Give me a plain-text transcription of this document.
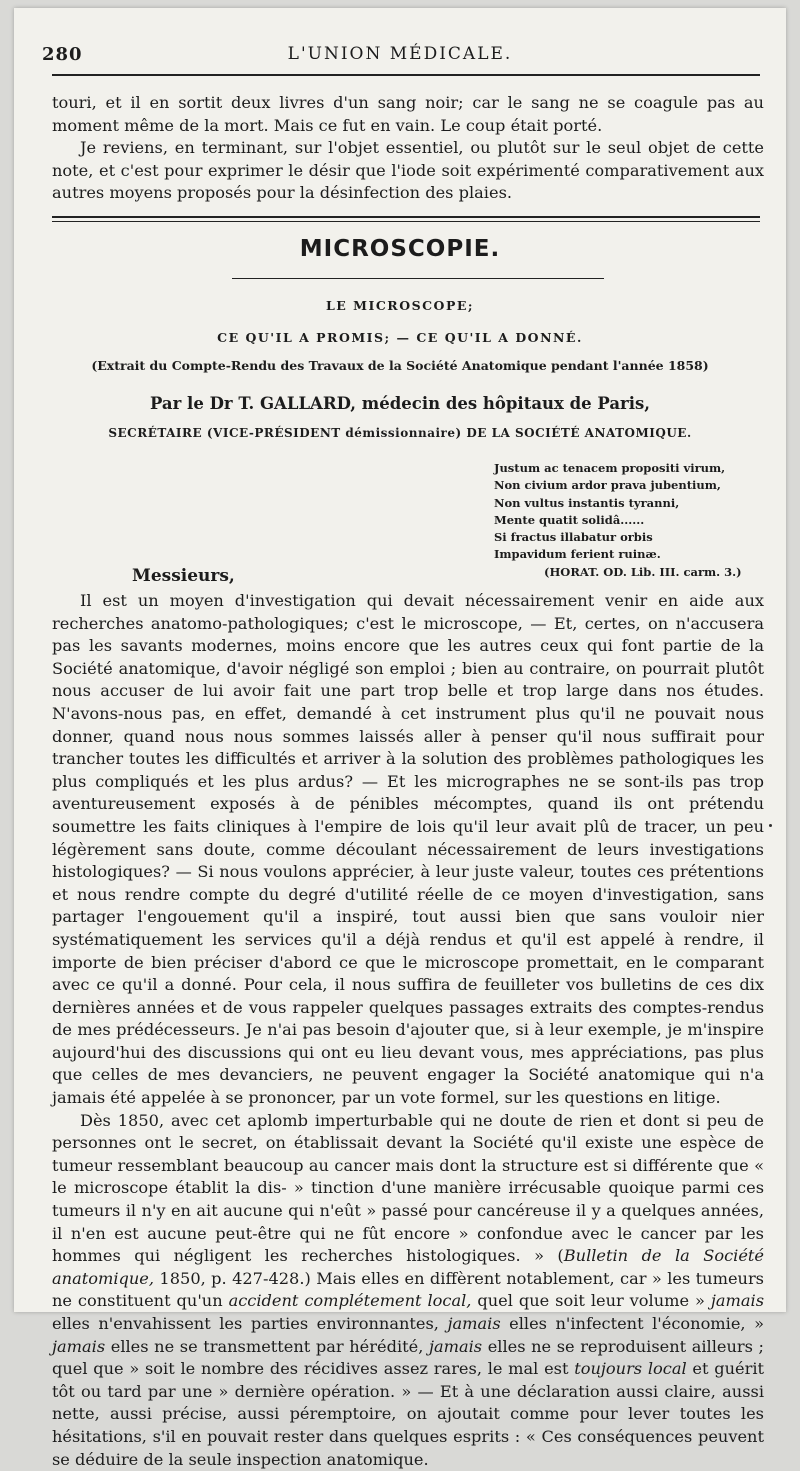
280	L'UNION MÉDICALE.

touri, et il en sortit deux livres d'un sang noir; car le sang ne se coagule pas au moment même de la mort. Mais ce fut en vain. Le coup était porté.

Je reviens, en terminant, sur l'objet essentiel, ou plutôt sur le seul objet de cette note, et c'est pour exprimer le désir que l'iode soit expérimenté comparativement aux autres moyens proposés pour la désinfection des plaies.

MICROSCOPIE.
LE MICROSCOPE;
CE QU'IL A PROMIS; — CE QU'IL A DONNÉ.
(Extrait du Compte-Rendu des Travaux de la Société Anatomique pendant l'année 1858)
Par le Dr T. GALLARD, médecin des hôpitaux de Paris,
SECRÉTAIRE (VICE-PRÉSIDENT démissionnaire) DE LA SOCIÉTÉ ANATOMIQUE.
Justum ac tenacem propositi virum,
Non civium ardor prava jubentium,
Non vultus instantis tyranni,
Mente quatit solidâ......
Si fractus illabatur orbis
Impavidum ferient ruinæ.
(HORAT. OD. Lib. III. carm. 3.)
Messieurs,

Il est un moyen d'investigation qui devait nécessairement venir en aide aux recherches anatomo-pathologiques; c'est le microscope, — Et, certes, on n'accusera pas les savants modernes, moins encore que les autres ceux qui font partie de la Société anatomique, d'avoir négligé son emploi ; bien au contraire, on pourrait plutôt nous accuser de lui avoir fait une part trop belle et trop large dans nos études. N'avons-nous pas, en effet, demandé à cet instrument plus qu'il ne pouvait nous donner, quand nous nous sommes laissés aller à penser qu'il nous suffirait pour trancher toutes les difficultés et arriver à la solution des problèmes pathologiques les plus compliqués et les plus ardus? — Et les micrographes ne se sont-ils pas trop aventureusement exposés à de pénibles mécomptes, quand ils ont prétendu soumettre les faits cliniques à l'empire de lois qu'il leur avait plû de tracer, un peu légèrement sans doute, comme découlant nécessairement de leurs investigations histologiques? — Si nous voulons apprécier, à leur juste valeur, toutes ces prétentions et nous rendre compte du degré d'utilité réelle de ce moyen d'investigation, sans partager l'engouement qu'il a inspiré, tout aussi bien que sans vouloir nier systématiquement les services qu'il a déjà rendus et qu'il est appelé à rendre, il importe de bien préciser d'abord ce que le microscope promettait, en le comparant avec ce qu'il a donné. Pour cela, il nous suffira de feuilleter vos bulletins de ces dix dernières années et de vous rappeler quelques passages extraits des comptes-rendus de mes prédécesseurs. Je n'ai pas besoin d'ajouter que, si à leur exemple, je m'inspire aujourd'hui des discussions qui ont eu lieu devant vous, mes appréciations, pas plus que celles de mes devanciers, ne peuvent engager la Société anatomique qui n'a jamais été appelée à se prononcer, par un vote formel, sur les questions en litige.

Dès 1850, avec cet aplomb imperturbable qui ne doute de rien et dont si peu de personnes ont le secret, on établissait devant la Société qu'il existe une espèce de tumeur ressemblant beaucoup au cancer mais dont la structure est si différente que « le microscope établit la dis- » tinction d'une manière irrécusable quoique parmi ces tumeurs il n'y en ait aucune qui n'eût » passé pour cancéreuse il y a quelques années, il n'en est aucune peut-être qui ne fût encore » confondue avec le cancer par les hommes qui négligent les recherches histologiques. » (Bulletin de la Société anatomique, 1850, p. 427-428.) Mais elles en diffèrent notablement, car » les tumeurs ne constituent qu'un accident complétement local, quel que soit leur volume » jamais elles n'envahissent les parties environnantes, jamais elles n'infectent l'économie, » jamais elles ne se transmettent par hérédité, jamais elles ne se reproduisent ailleurs ; quel que » soit le nombre des récidives assez rares, le mal est toujours local et guérit tôt ou tard par une » dernière opération. » — Et à une déclaration aussi claire, aussi nette, aussi précise, aussi péremptoire, on ajoutait comme pour lever toutes les hésitations, s'il en pouvait rester dans quelques esprits : « Ces conséquences peuvent se déduire de la seule inspection anatomique.
